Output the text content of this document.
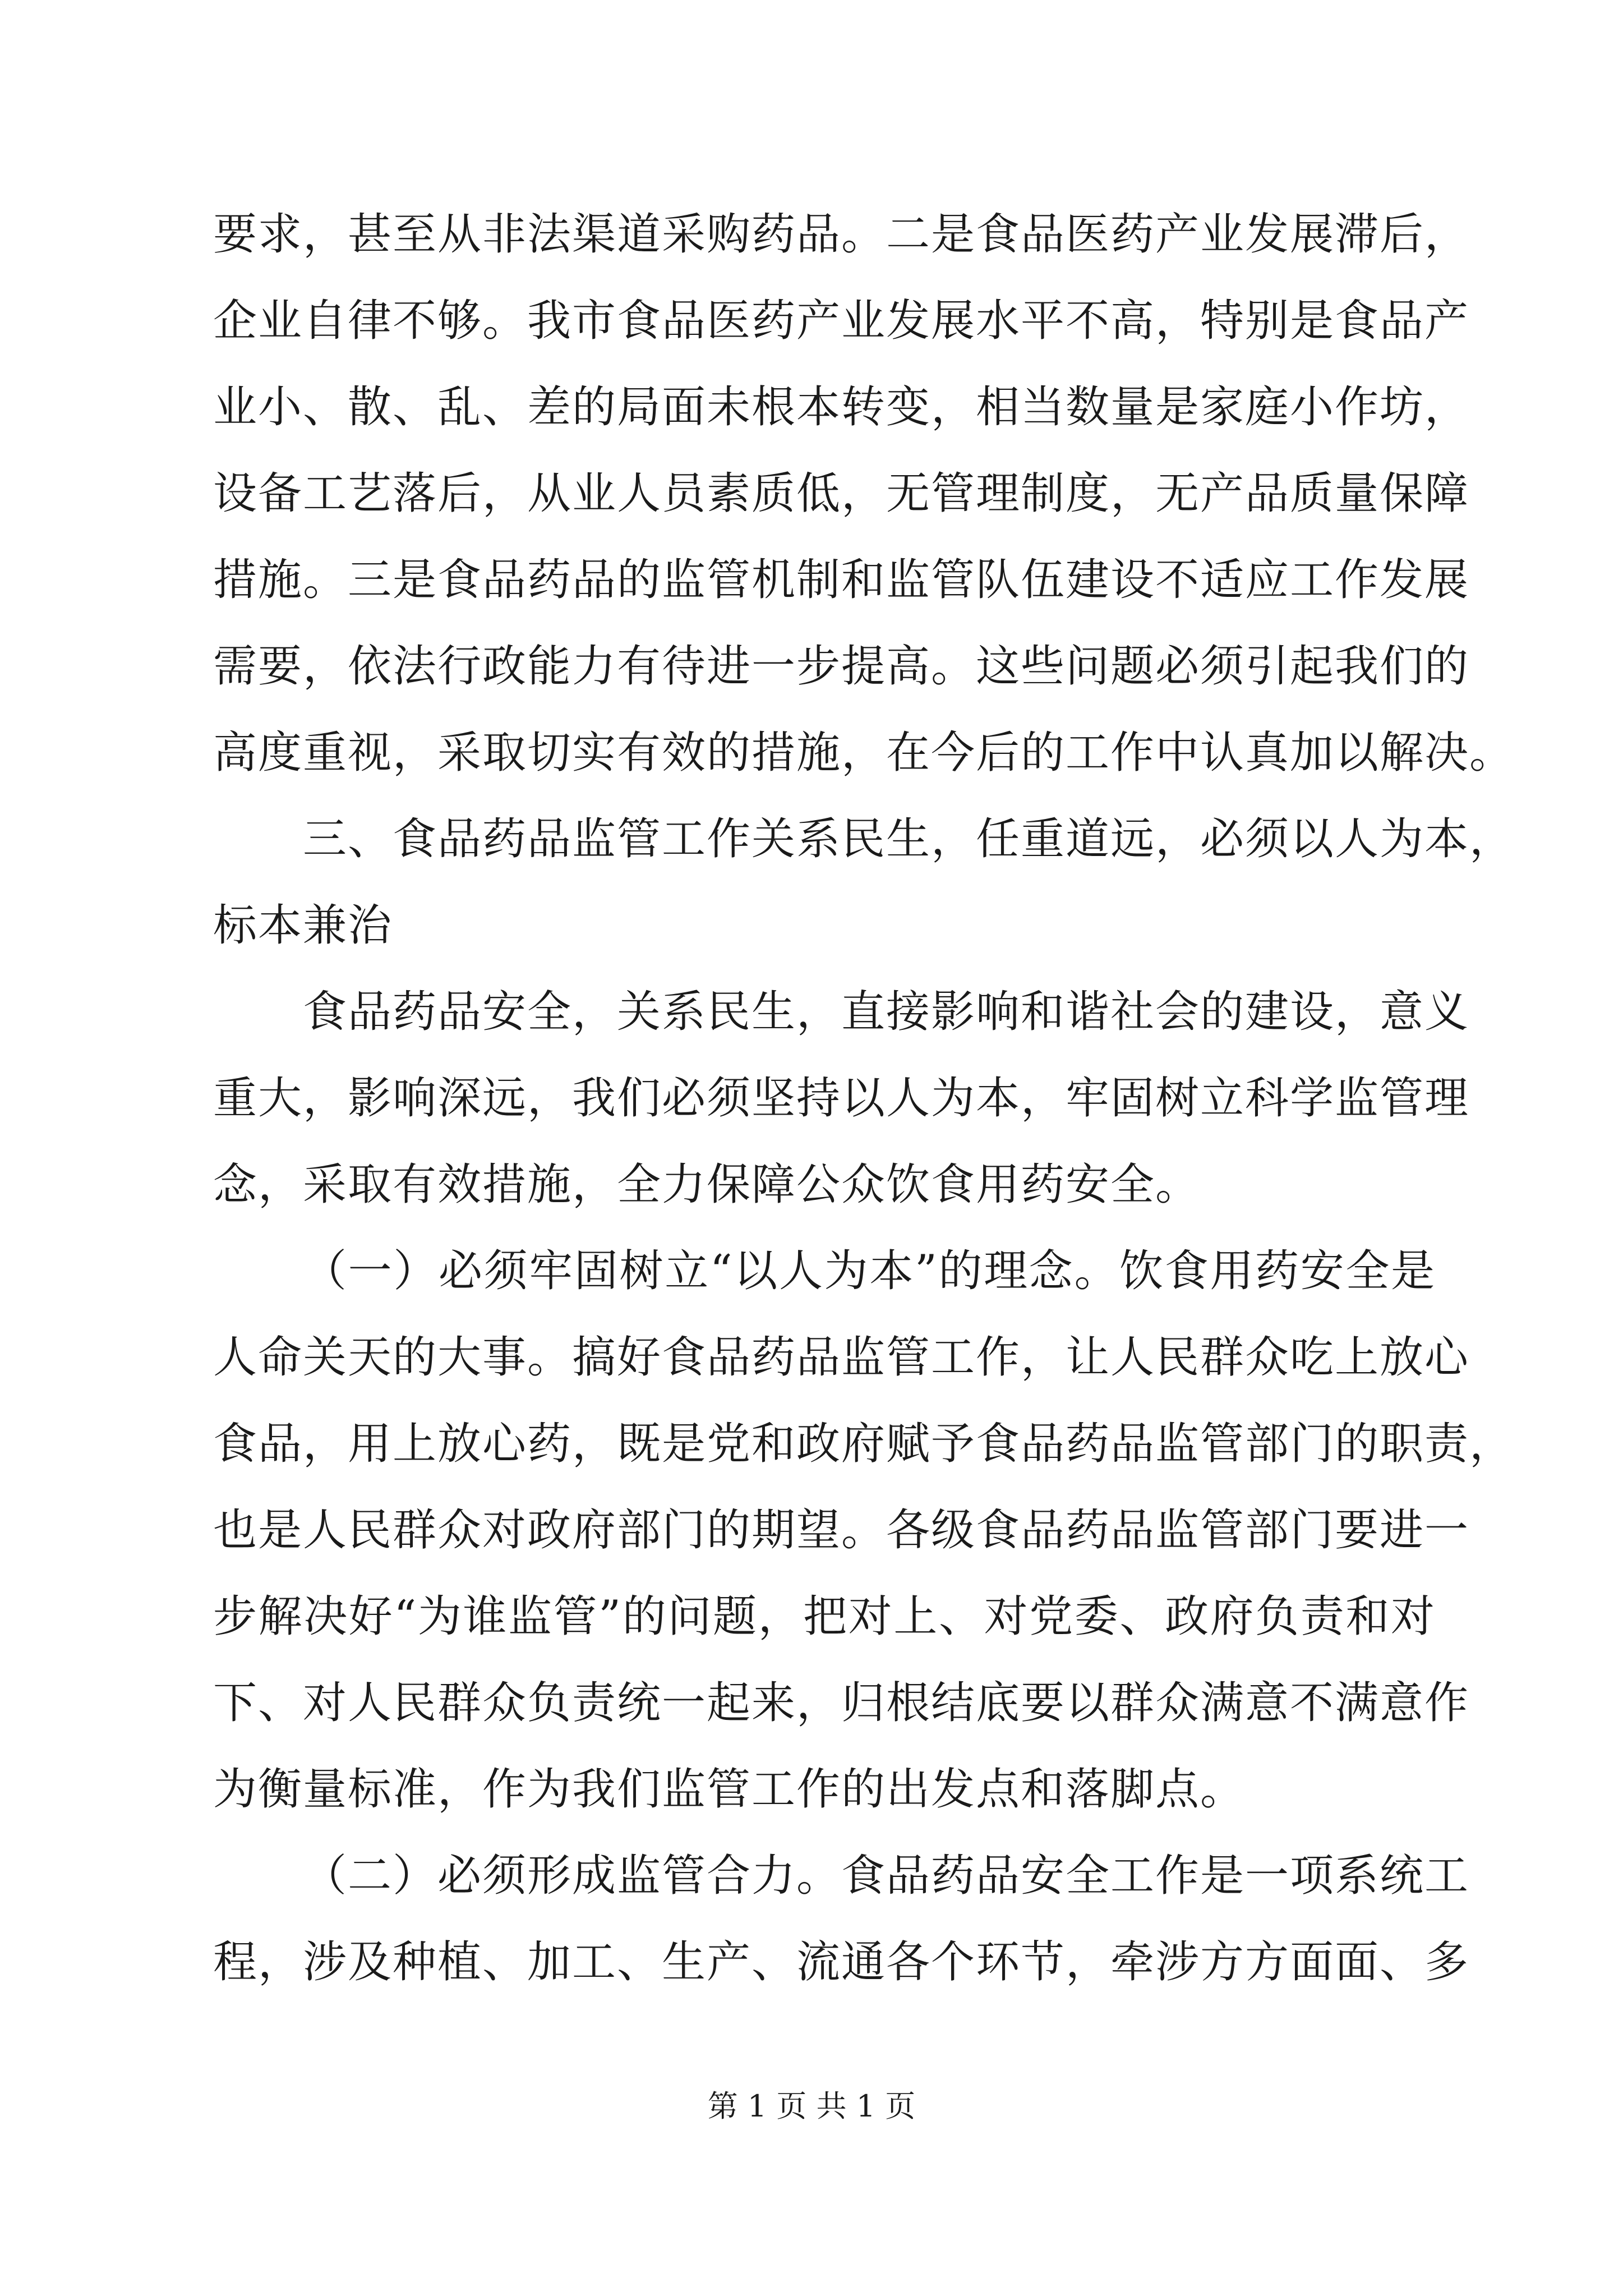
要求，甚至从非法渠道采购药品。二是食品医药产业发展滞后，
企业自律不够。我市食品医药产业发展水平不高，特别是食品产
业小、散、乱、差的局面未根本转变，相当数量是家庭小作坊，
设备工艺落后，从业人员素质低，无管理制度，无产品质量保障
措施。三是食品药品的监管机制和监管队伍建设不适应工作发展
需要，依法行政能力有待进一步提高。这些问题必须引起我们的
高度重视，采取切实有效的措施，在今后的工作中认真加以解决。
三、食品药品监管工作关系民生，任重道远，必须以人为本，
标本兼治
食品药品安全，关系民生，直接影响和谐社会的建设，意义
重大，影响深远，我们必须坚持以人为本，牢固树立科学监管理
念，采取有效措施，全力保障公众饮食用药安全。
（一）必须牢固树立“以人为本”的理念。饮食用药安全是
人命关天的大事。搞好食品药品监管工作，让人民群众吃上放心
食品，用上放心药，既是党和政府赋予食品药品监管部门的职责，
也是人民群众对政府部门的期望。各级食品药品监管部门要进一
步解决好“为谁监管”的问题，把对上、对党委、政府负责和对
下、对人民群众负责统一起来，归根结底要以群众满意不满意作
为衡量标准，作为我们监管工作的出发点和落脚点。
（二）必须形成监管合力。食品药品安全工作是一项系统工
程，涉及种植、加工、生产、流通各个环节，牵涉方方面面、多
第 1 页 共 1 页
